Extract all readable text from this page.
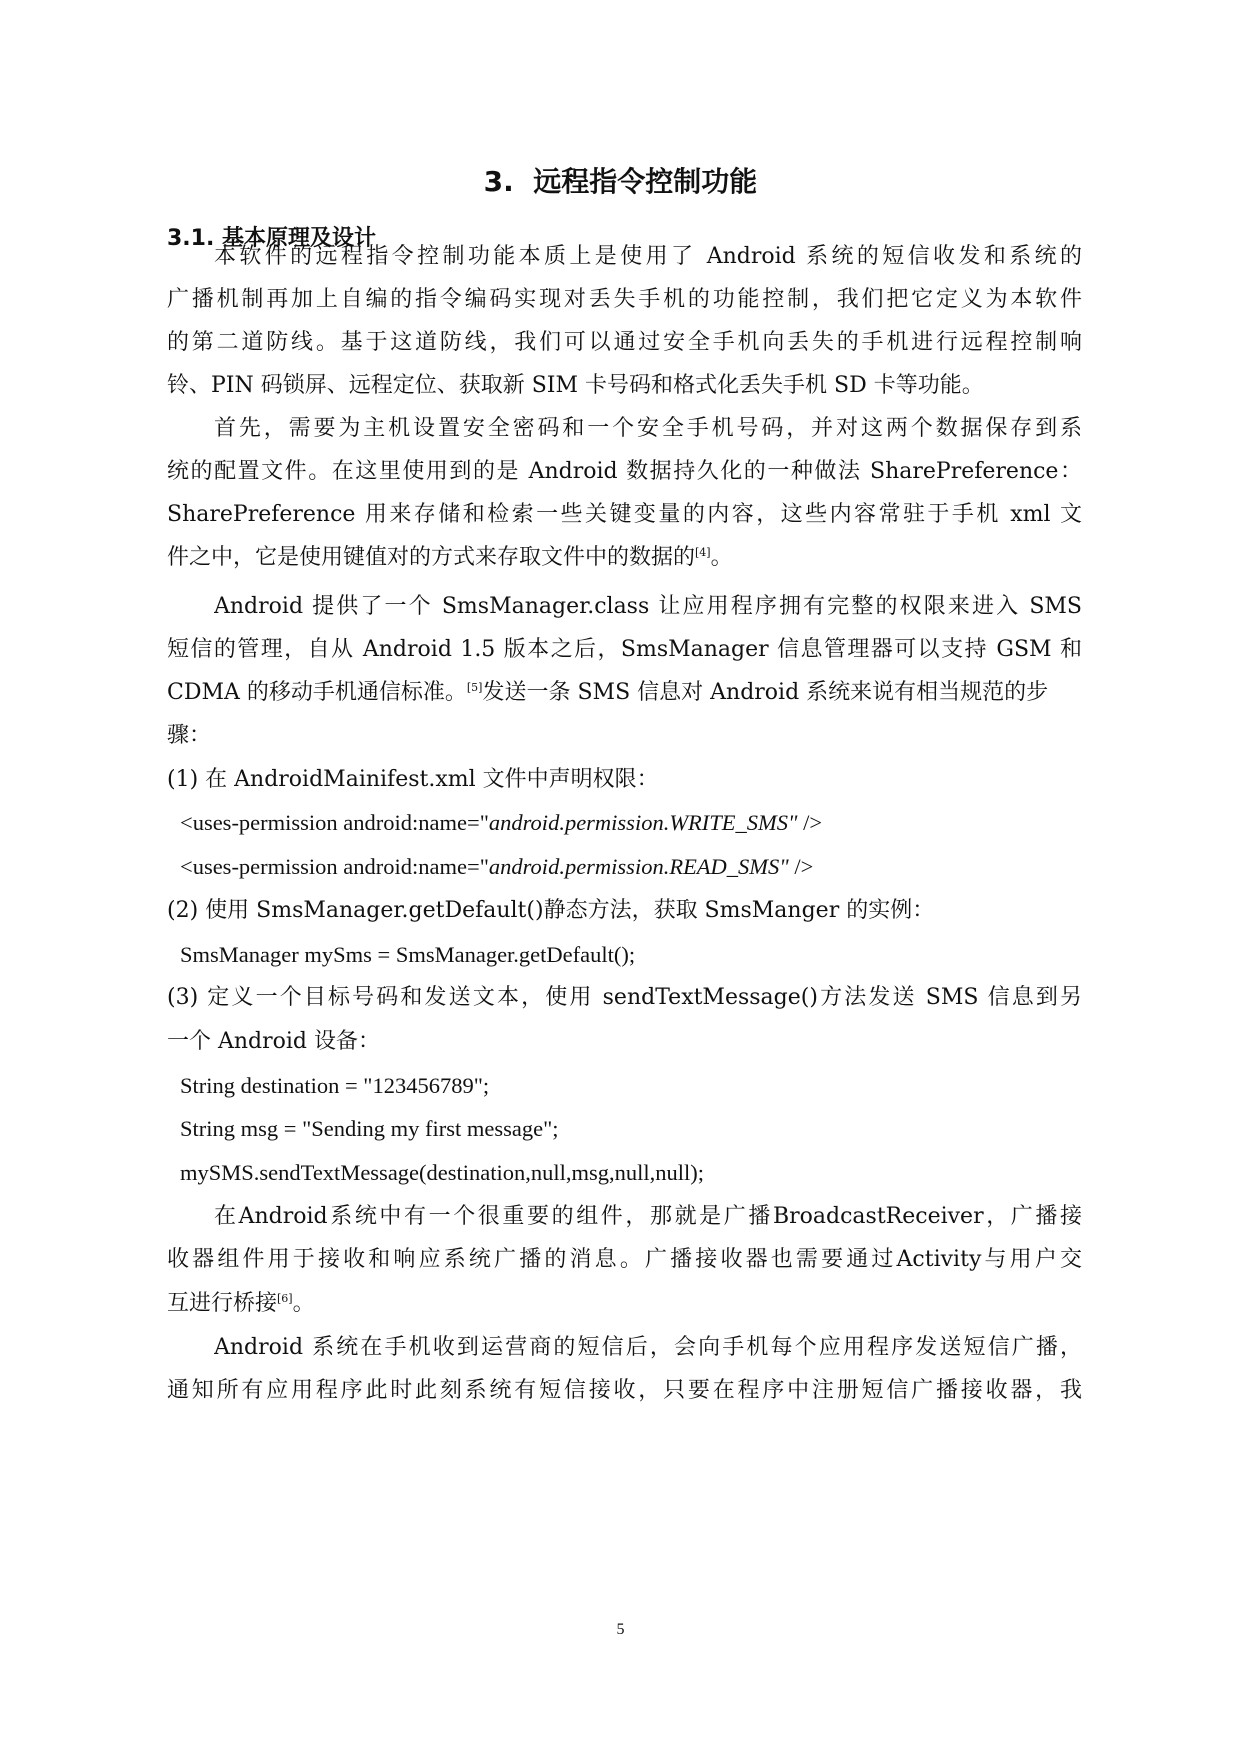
3. 远程指令控制功能
3.1. 基本原理及设计
本软件的远程指令控制功能本质上是使用了 Android 系统的短信收发和系统的
广播机制再加上自编的指令编码实现对丢失手机的功能控制，我们把它定义为本软件
的第二道防线。基于这道防线，我们可以通过安全手机向丢失的手机进行远程控制响
铃、PIN 码锁屏、远程定位、获取新 SIM 卡号码和格式化丢失手机 SD 卡等功能。
首先，需要为主机设置安全密码和一个安全手机号码，并对这两个数据保存到系
统的配置文件。在这里使用到的是 Android 数据持久化的一种做法 SharePreference：
SharePreference 用来存储和检索一些关键变量的内容，这些内容常驻于手机 xml 文
件之中，它是使用键值对的方式来存取文件中的数据的[4]。
Android 提供了一个 SmsManager.class 让应用程序拥有完整的权限来进入 SMS
短信的管理，自从 Android 1.5 版本之后，SmsManager 信息管理器可以支持 GSM 和
CDMA 的移动手机通信标准。[5]发送一条 SMS 信息对 Android 系统来说有相当规范的步
骤：
(1) 在 AndroidMainifest.xml 文件中声明权限：
<uses-permission android:name="android.permission.WRITE_SMS" />
<uses-permission android:name="android.permission.READ_SMS" />
(2) 使用 SmsManager.getDefault()静态方法，获取 SmsManger 的实例：
SmsManager mySms = SmsManager.getDefault();
(3) 定义一个目标号码和发送文本，使用 sendTextMessage()方法发送 SMS 信息到另
一个 Android 设备：
String destination = "123456789";
String msg = "Sending my first message";
mySMS.sendTextMessage(destination,null,msg,null,null);
在Android系统中有一个很重要的组件，那就是广播BroadcastReceiver，广播接
收器组件用于接收和响应系统广播的消息。广播接收器也需要通过Activity与用户交
互进行桥接[6]。
Android 系统在手机收到运营商的短信后，会向手机每个应用程序发送短信广播，
通知所有应用程序此时此刻系统有短信接收，只要在程序中注册短信广播接收器，我
5
